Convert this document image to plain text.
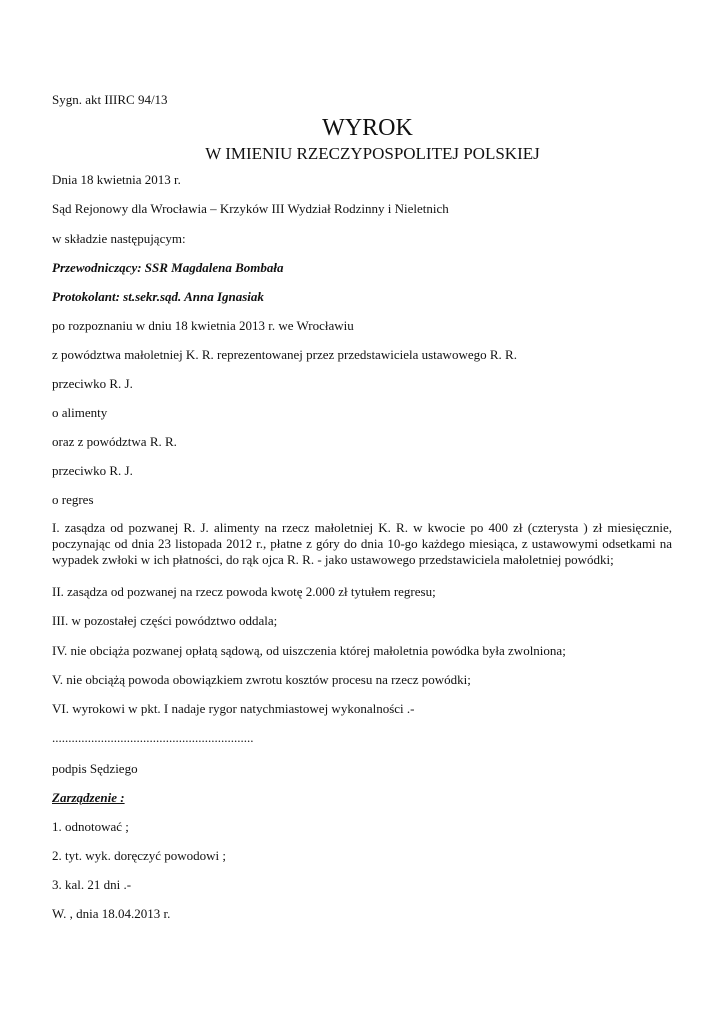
Sygn. akt IIIRC 94/13
WYROK
W IMIENIU RZECZYPOSPOLITEJ POLSKIEJ
Dnia 18 kwietnia 2013 r.
Sąd Rejonowy dla Wrocławia – Krzyków III Wydział Rodzinny i Nieletnich
w składzie następującym:
Przewodniczący: SSR Magdalena Bombała
Protokolant: st.sekr.sąd. Anna Ignasiak
po rozpoznaniu w dniu 18 kwietnia 2013 r. we Wrocławiu
z powództwa małoletniej K. R. reprezentowanej przez przedstawiciela ustawowego R. R.
przeciwko R. J.
o alimenty
oraz z powództwa R. R.
przeciwko R. J.
o regres
I. zasądza od pozwanej R. J. alimenty na rzecz małoletniej K. R. w kwocie po 400 zł (czterysta ) zł miesięcznie, poczynając od dnia 23 listopada 2012 r., płatne z góry do dnia 10-go każdego miesiąca, z ustawowymi odsetkami na wypadek zwłoki w ich płatności, do rąk ojca R. R. - jako ustawowego przedstawiciela małoletniej powódki;
II. zasądza od pozwanej na rzecz powoda kwotę 2.000 zł tytułem regresu;
III. w pozostałej części powództwo oddala;
IV. nie obciąża pozwanej opłatą sądową, od uiszczenia której małoletnia powódka była zwolniona;
V. nie obciążą powoda obowiązkiem zwrotu kosztów procesu na rzecz powódki;
VI. wyrokowi w pkt. I nadaje rygor natychmiastowej wykonalności .-
..............................................................
podpis Sędziego
Zarządzenie :
1. odnotować ;
2. tyt. wyk. doręczyć powodowi ;
3. kal. 21 dni .-
W. , dnia 18.04.2013 r.
